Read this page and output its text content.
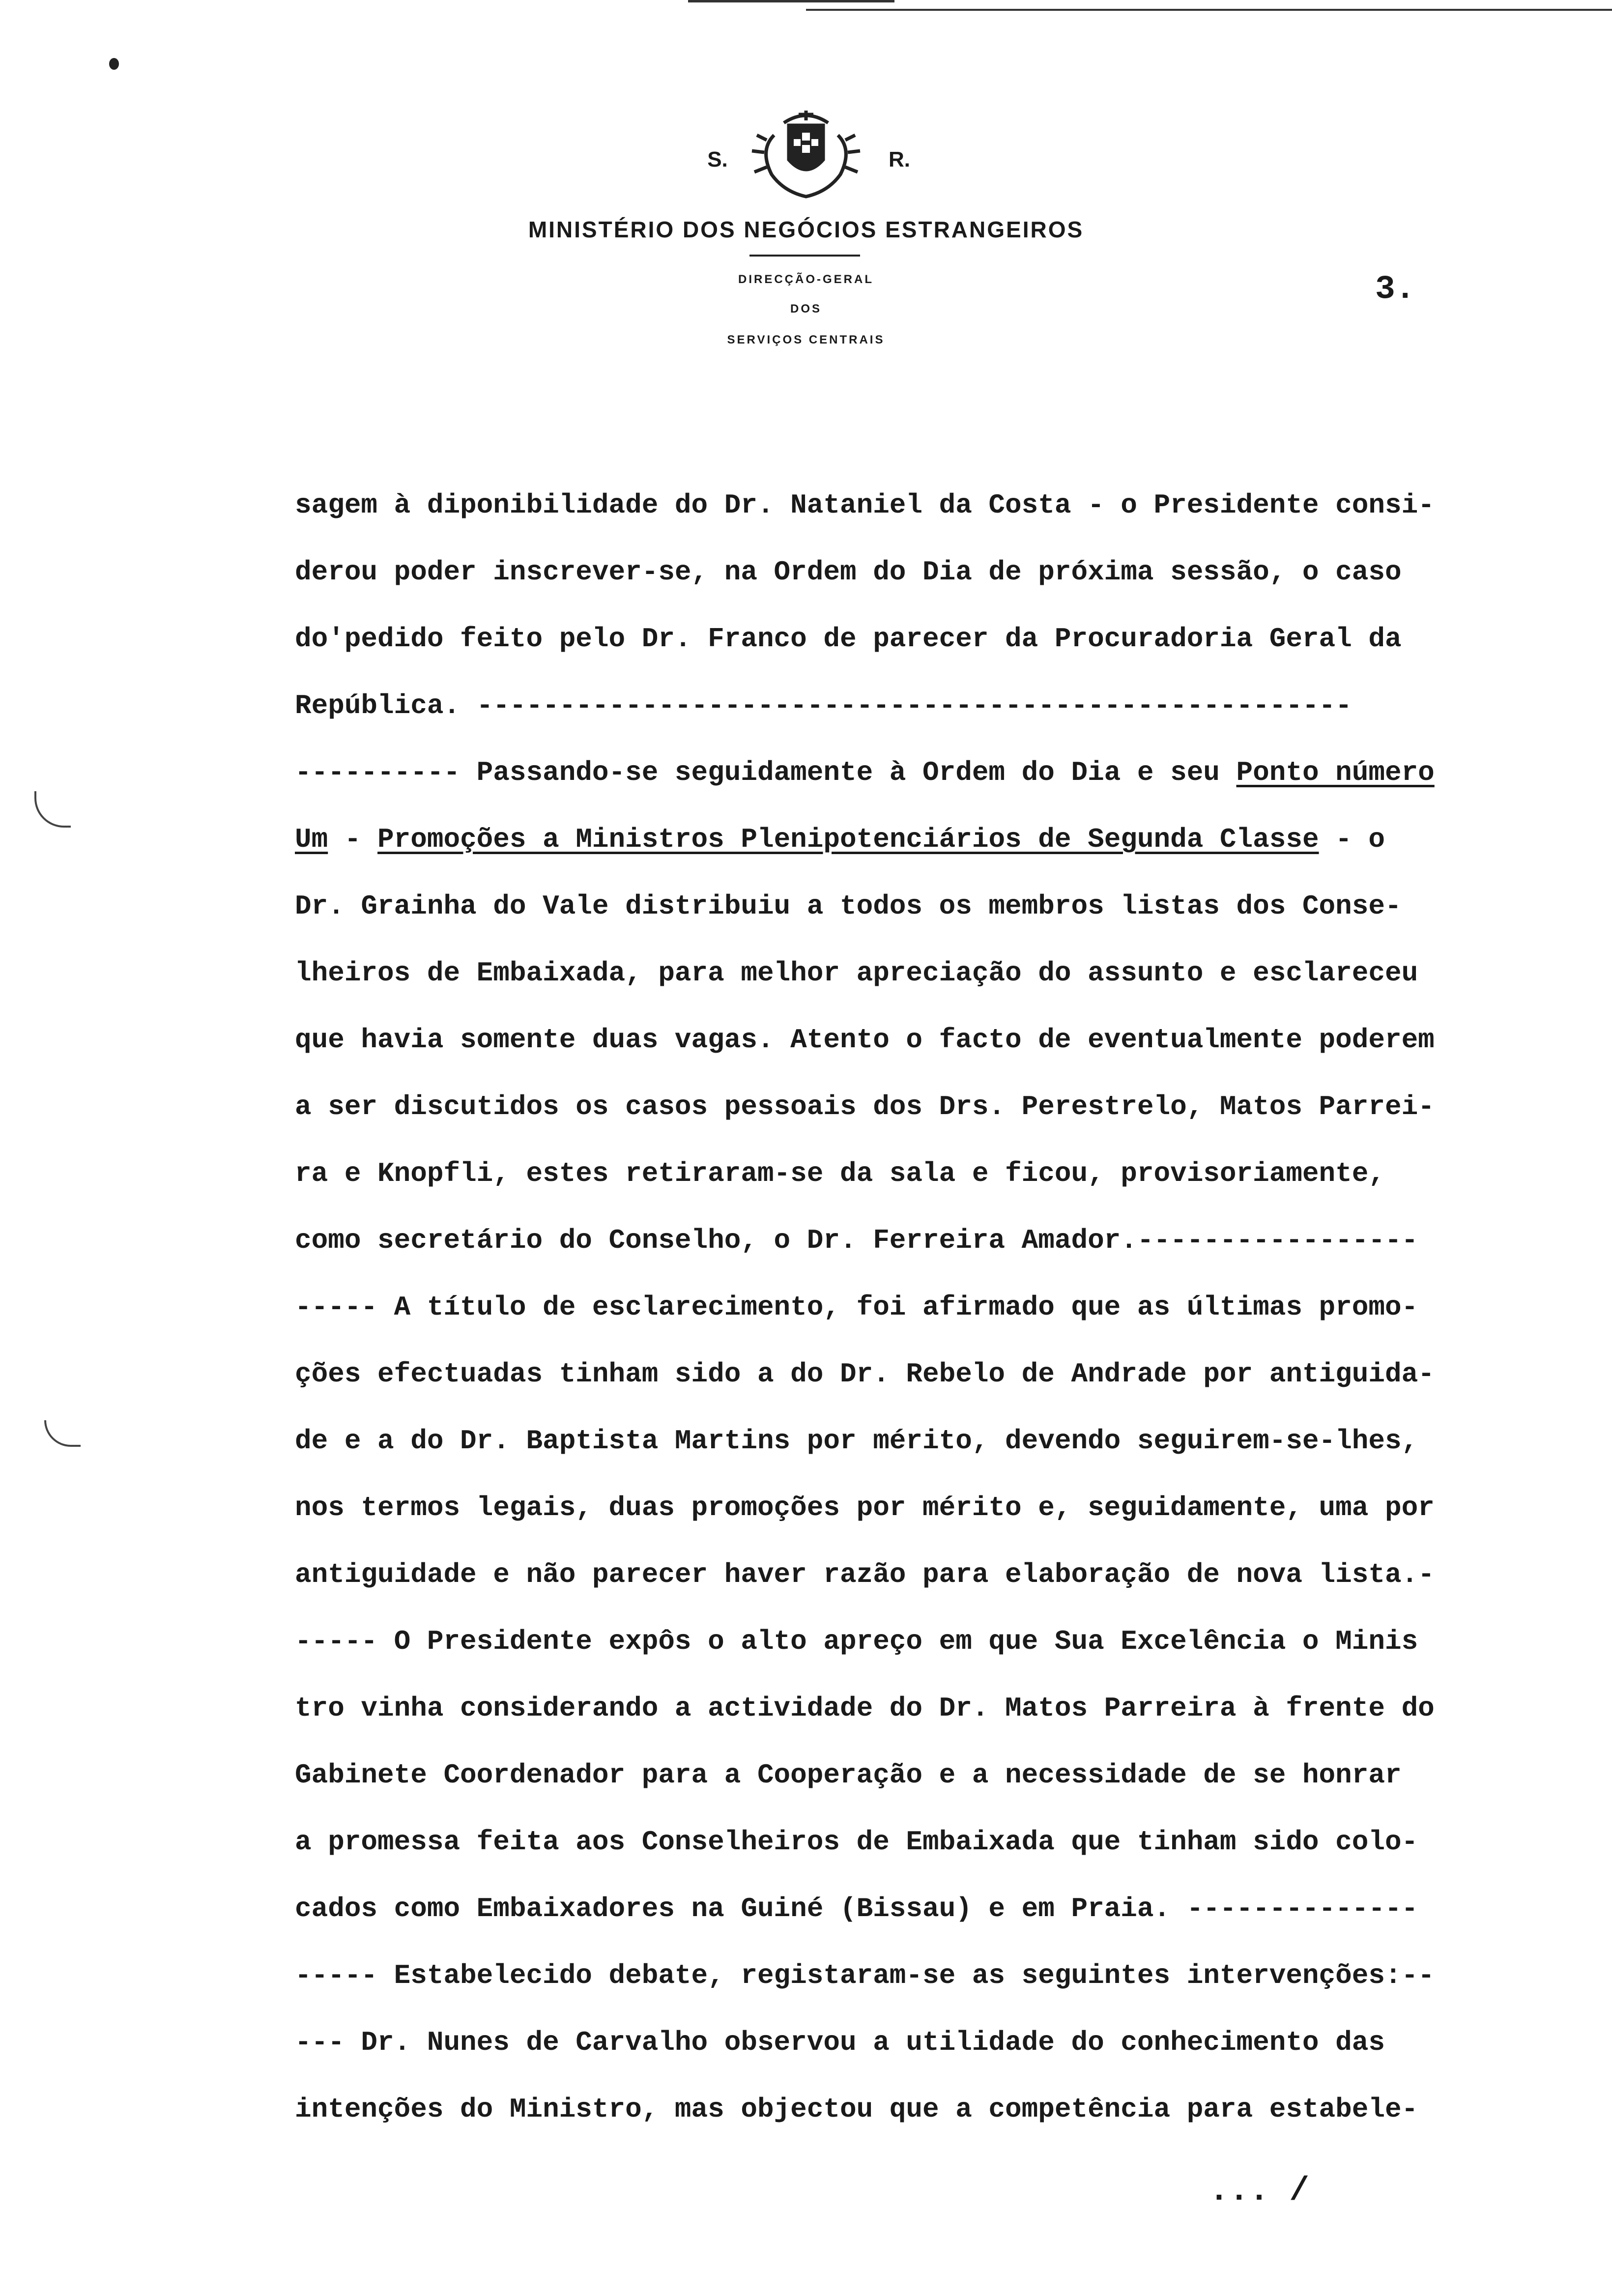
S.	R.
MINISTÉRIO DOS NEGÓCIOS ESTRANGEIROS
DIRECÇÃO-GERAL
DOS
SERVIÇOS CENTRAIS
3.
sagem à diponibilidade do Dr. Nataniel da Costa - o Presidente consi-
derou poder inscrever-se, na Ordem do Dia de próxima sessão, o caso
do'pedido feito pelo Dr. Franco de parecer da Procuradoria Geral da
República. -----------------------------------------------------
---------- Passando-se seguidamente à Ordem do Dia e seu Ponto número
Um - Promoções a Ministros Plenipotenciários de Segunda Classe - o
Dr. Grainha do Vale distribuiu a todos os membros listas dos Conse-
lheiros de Embaixada, para melhor apreciação do assunto e esclareceu
que havia somente duas vagas. Atento o facto de eventualmente poderem
a ser discutidos os casos pessoais dos Drs. Perestrelo, Matos Parrei-
ra e Knopfli, estes retiraram-se da sala e ficou, provisoriamente,
como secretário do Conselho, o Dr. Ferreira Amador.-----------------
----- A título de esclarecimento, foi afirmado que as últimas promo-
ções efectuadas tinham sido a do Dr. Rebelo de Andrade por antiguida-
de e a do Dr. Baptista Martins por mérito, devendo seguirem-se-lhes,
nos termos legais, duas promoções por mérito e, seguidamente, uma por
antiguidade e não parecer haver razão para elaboração de nova lista.-
----- O Presidente expôs o alto apreço em que Sua Excelência o Minis
tro vinha considerando a actividade do Dr. Matos Parreira à frente do
Gabinete Coordenador para a Cooperação e a necessidade de se honrar
a promessa feita aos Conselheiros de Embaixada que tinham sido colo-
cados como Embaixadores na Guiné (Bissau) e em Praia. --------------
----- Estabelecido debate, registaram-se as seguintes intervenções:--
--- Dr. Nunes de Carvalho observou a utilidade do conhecimento das
intenções do Ministro, mas objectou que a competência para estabele-
... /
